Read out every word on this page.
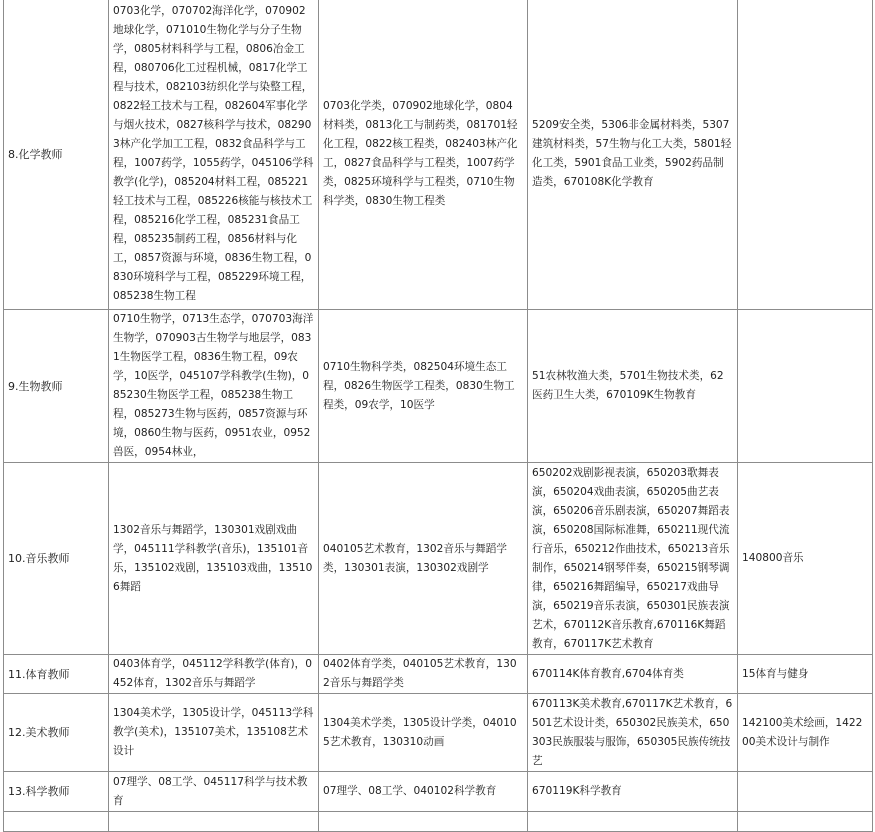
8.化学教师	0703化学，070702海洋化学，070902地球化学，071010生物化学与分子生物学，0805材料科学与工程，0806冶金工程，080706化工过程机械，0817化学工程与技术，082103纺织化学与染整工程，0822轻工技术与工程，082604军事化学与烟火技术，0827核科学与技术，082903林产化学加工工程，0832食品科学与工程，1007药学，1055药学，045106学科教学(化学)，085204材料工程，085221轻工技术与工程，085226核能与核技术工程，085216化学工程，085231食品工程，085235制药工程，0856材料与化工，0857资源与环境，0836生物工程，0830环境科学与工程，085229环境工程，085238生物工程	0703化学类，070902地球化学，0804材料类，0813化工与制药类，081701轻化工程，0822核工程类，082403林产化工，0827食品科学与工程类，1007药学类，0825环境科学与工程类，0710生物科学类，0830生物工程类	5209安全类，5306非金属材料类，5307建筑材料类，57生物与化工大类，5801轻化工类，5901食品工业类，5902药品制造类，670108K化学教育	
9.生物教师	0710生物学，0713生态学，070703海洋生物学，070903古生物学与地层学，0831生物医学工程，0836生物工程，09农学，10医学，045107学科教学(生物)，085230生物医学工程，085238生物工程，085273生物与医药，0857资源与环境，0860生物与医药，0951农业，0952兽医，0954林业，	0710生物科学类，082504环境生态工程，0826生物医学工程类，0830生物工程类，09农学，10医学	51农林牧渔大类，5701生物技术类，62医药卫生大类，670109K生物教育	
10.音乐教师	1302音乐与舞蹈学，130301戏剧戏曲学，045111学科教学(音乐)，135101音乐，135102戏剧，135103戏曲，135106舞蹈	040105艺术教育，1302音乐与舞蹈学类，130301表演，130302戏剧学	650202戏剧影视表演，650203歌舞表演，650204戏曲表演，650205曲艺表演，650206音乐剧表演，650207舞蹈表演，650208国际标准舞，650211现代流行音乐，650212作曲技术，650213音乐制作，650214钢琴伴奏，650215钢琴调律，650216舞蹈编导，650217戏曲导演，650219音乐表演，650301民族表演艺术，670112K音乐教育,670116K舞蹈教育，670117K艺术教育	140800音乐
11.体育教师	0403体育学，045112学科教学(体育)，0452体育，1302音乐与舞蹈学	0402体育学类，040105艺术教育，1302音乐与舞蹈学类	670114K体育教育,6704体育类	15体育与健身
12.美术教师	1304美术学，1305设计学，045113学科教学(美术)，135107美术，135108艺术设计	1304美术学类，1305设计学类，040105艺术教育，130310动画	670113K美术教育,670117K艺术教育，6501艺术设计类，650302民族美术，650303民族服装与服饰，650305民族传统技艺	142100美术绘画，142200美术设计与制作
13.科学教师	07理学、08工学、045117科学与技术教育	07理学、08工学、040102科学教育	670119K科学教育	
